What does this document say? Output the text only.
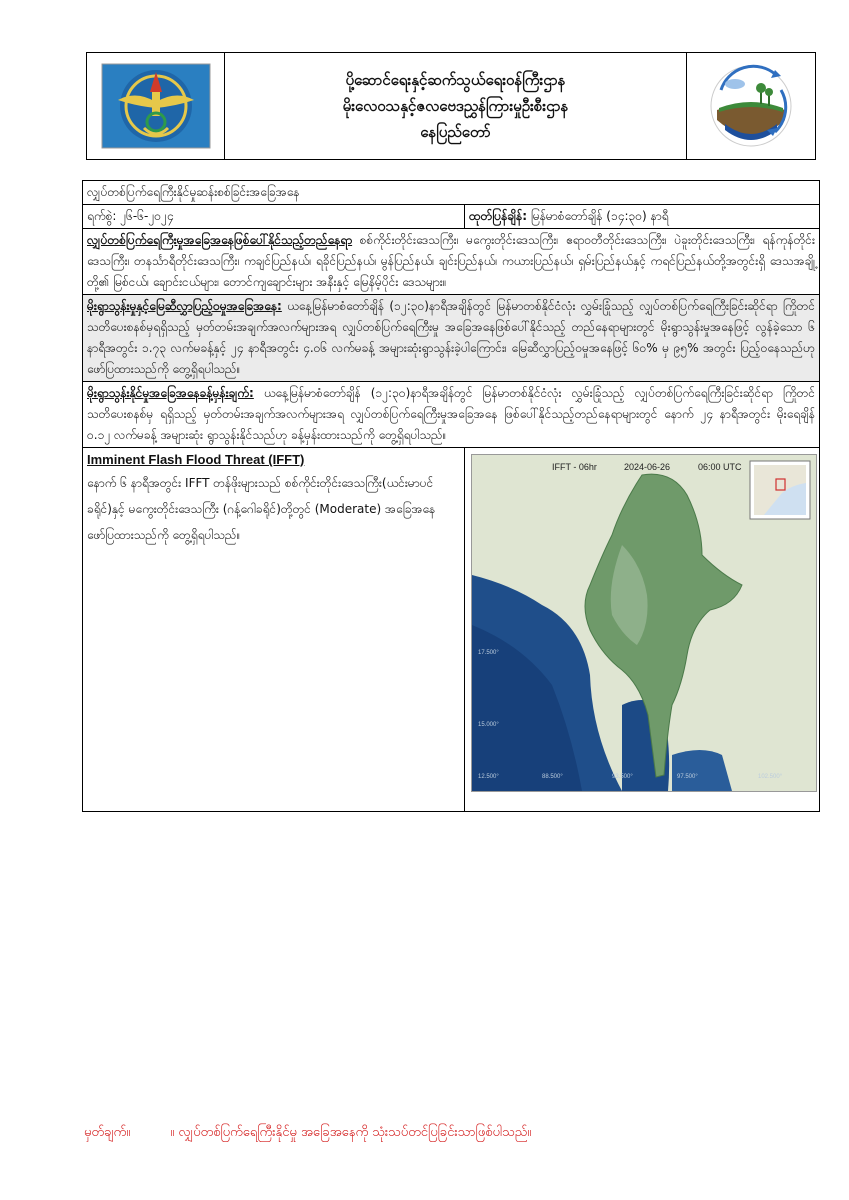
ပို့ဆောင်ရေးနှင့်ဆက်သွယ်ရေးဝန်ကြီးဌာန
မိုးလေဝသနှင့်ဇလဗေဒညွှန်ကြားမှုဦးစီးဌာန
နေပြည်တော်
လျှပ်တစ်ပြက်ရေကြီးနိုင်မှုဆန်းစစ်ခြင်းအခြေအနေ
ရက်စွဲ: ၂၆-၆-၂၀၂၄	ထုတ်ပြန်ချိန်: မြန်မာစံတော်ချိန် (၁၄:၃၀) နာရီ
လျှပ်တစ်ပြက်ရေကြီးမှုအခြေအနေဖြစ်ပေါ်နိုင်သည့်တည်နေရာ စစ်ကိုင်းတိုင်းဒေသကြီး၊ မကွေးတိုင်းဒေသကြီး၊ ဧရာဝတီတိုင်းဒေသကြီး၊ ပဲခူးတိုင်းဒေသကြီး၊ ရန်ကုန်တိုင်းဒေသကြီး၊ တနင်္သာရီတိုင်းဒေသကြီး၊ ကချင်ပြည်နယ်၊ ရခိုင်ပြည်နယ်၊ မွန်ပြည်နယ်၊ ချင်းပြည်နယ်၊ ကယားပြည်နယ်၊ ရှမ်းပြည်နယ်နှင့် ကရင်ပြည်နယ်တို့အတွင်းရှိ ဒေသအချို့တို့၏ မြစ်ငယ်၊ ချောင်းငယ်များ၊ တောင်ကျချောင်းများ အနီးနှင့် မြေနိမ့်ပိုင်း ဒေသများ။
မိုးရွာသွန်းမှုနှင့်မြေဆီလွှာပြည့်ဝမှုအခြေအနေ: ယနေ့မြန်မာစံတော်ချိန် (၁၂:၃၀)နာရီအချိန်တွင် မြန်မာတစ်နိုင်ငံလုံး လွှမ်းခြုံသည့် လျှပ်တစ်ပြက်ရေကြီးခြင်းဆိုင်ရာ ကြိုတင်သတိပေးစနစ်မှရရှိသည့် မှတ်တမ်းအချက်အလက်များအရ လျှပ်တစ်ပြက်ရေကြီးမှု အခြေအနေဖြစ်ပေါ်နိုင်သည့် တည်နေရာများတွင် မိုးရွာသွန်းမှုအနေဖြင့် လွန်ခဲ့သော ၆ နာရီအတွင်း ၁.၇၃ လက်မခန့်နှင့် ၂၄ နာရီအတွင်း ၄.၀၆ လက်မခန့် အများဆုံးရွာသွန်းခဲ့ပါကြောင်း၊ မြေဆီလွှာပြည့်ဝမှုအနေဖြင့် ၆၀% မှ ၉၅% အတွင်း ပြည့်ဝနေသည်ဟု ဖော်ပြထားသည်ကို တွေ့ရှိရပါသည်။
မိုးရွာသွန်းနိုင်မှုအခြေအနေခန့်မှန်းချက်: ယနေ့မြန်မာစံတော်ချိန် (၁၂:၃၀)နာရီအချိန်တွင် မြန်မာတစ်နိုင်ငံလုံး လွှမ်းခြုံသည့် လျှပ်တစ်ပြက်ရေကြီးခြင်းဆိုင်ရာ ကြိုတင်သတိပေးစနစ်မှ ရရှိသည့် မှတ်တမ်းအချက်အလက်များအရ လျှပ်တစ်ပြက်ရေကြီးမှုအခြေအနေ ဖြစ်ပေါ်နိုင်သည့်တည်နေရာများတွင် နောက် ၂၄ နာရီအတွင်း မိုးရေချိန် ၀.၁၂ လက်မခန့် အများဆုံး ရွာသွန်းနိုင်သည်ဟု ခန့်မှန်းထားသည်ကို တွေ့ရှိရပါသည်။
Imminent Flash Flood Threat (IFFT)
နောက် ၆ နာရီအတွင်း IFFT တန်ဖိုးများသည် စစ်ကိုင်းတိုင်းဒေသကြီး(ယင်းမာပင်ခရိုင်)နှင့် မကွေးတိုင်းဒေသကြီး (ဂန့်ဂေါခရိုင်)တို့တွင် (Moderate) အခြေအနေ ဖော်ပြထားသည်ကို တွေ့ရှိရပါသည်။
IFFT - 06hr	2024-06-26	06:00 UTC
17.500°
15.000°
12.500°	88.500°	93.500°	97.500°	102.500°
မှတ်ချက်။	။ လျှပ်တစ်ပြက်ရေကြီးနိုင်မှု အခြေအနေကို သုံးသပ်တင်ပြခြင်းသာဖြစ်ပါသည်။
